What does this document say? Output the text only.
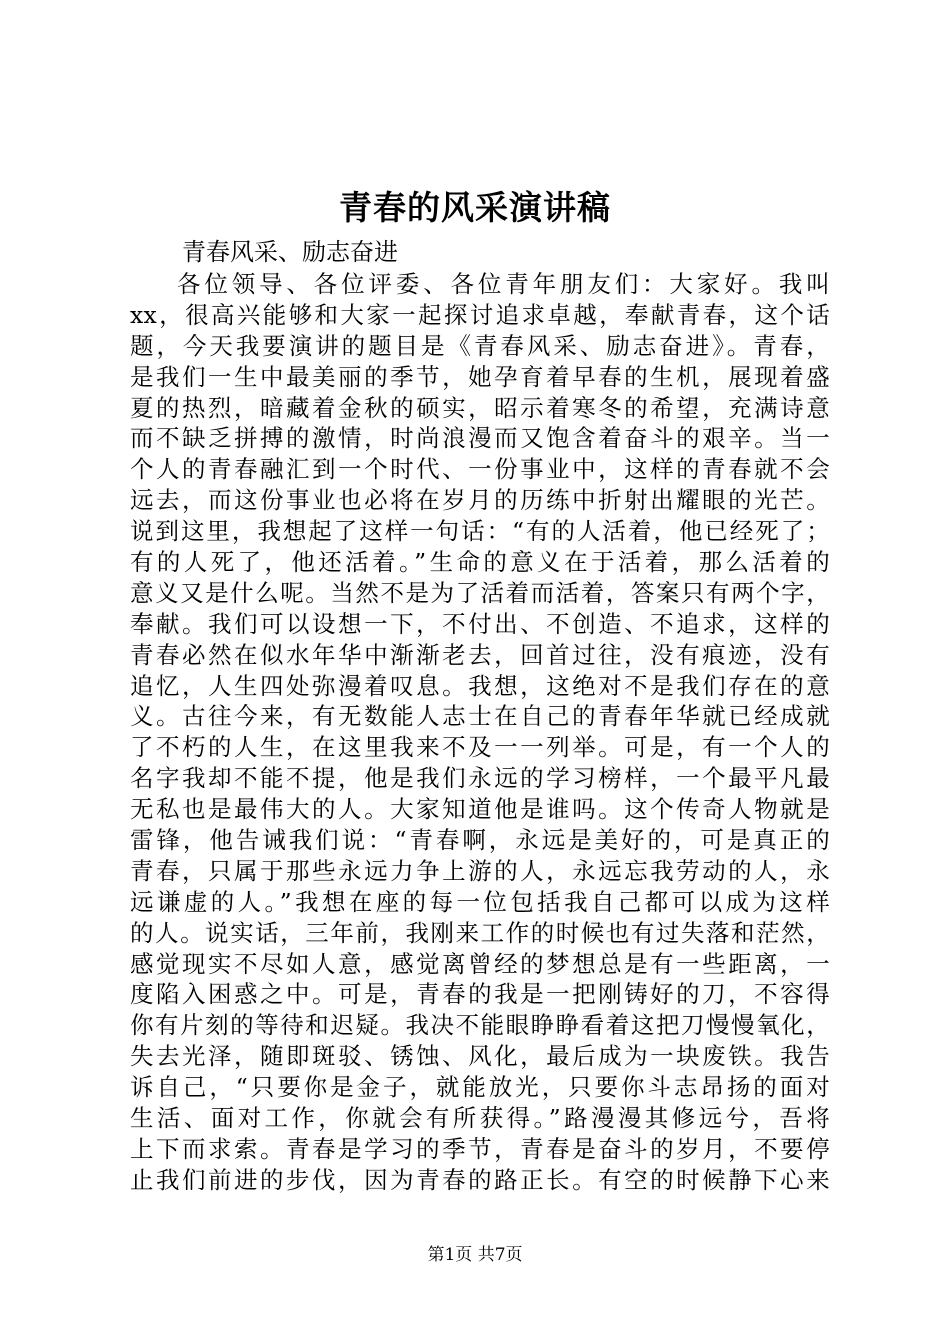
青春的风采演讲稿
青春风采、励志奋进
各位领导、各位评委、各位青年朋友们：大家好。我叫
xx，很高兴能够和大家一起探讨追求卓越，奉献青春，这个话
题，今天我要演讲的题目是《青春风采、励志奋进》。青春，
是我们一生中最美丽的季节，她孕育着早春的生机，展现着盛
夏的热烈，暗藏着金秋的硕实，昭示着寒冬的希望，充满诗意
而不缺乏拼搏的激情，时尚浪漫而又饱含着奋斗的艰辛。当一
个人的青春融汇到一个时代、一份事业中，这样的青春就不会
远去，而这份事业也必将在岁月的历练中折射出耀眼的光芒。
说到这里，我想起了这样一句话：“有的人活着，他已经死了；
有的人死了，他还活着。”生命的意义在于活着，那么活着的
意义又是什么呢。当然不是为了活着而活着，答案只有两个字，
奉献。我们可以设想一下，不付出、不创造、不追求，这样的
青春必然在似水年华中渐渐老去，回首过往，没有痕迹，没有
追忆，人生四处弥漫着叹息。我想，这绝对不是我们存在的意
义。古往今来，有无数能人志士在自己的青春年华就已经成就
了不朽的人生，在这里我来不及一一列举。可是，有一个人的
名字我却不能不提，他是我们永远的学习榜样，一个最平凡最
无私也是最伟大的人。大家知道他是谁吗。这个传奇人物就是
雷锋，他告诫我们说：“青春啊，永远是美好的，可是真正的
青春，只属于那些永远力争上游的人，永远忘我劳动的人，永
远谦虚的人。”我想在座的每一位包括我自己都可以成为这样
的人。说实话，三年前，我刚来工作的时候也有过失落和茫然，
感觉现实不尽如人意，感觉离曾经的梦想总是有一些距离，一
度陷入困惑之中。可是，青春的我是一把刚铸好的刀，不容得
你有片刻的等待和迟疑。我决不能眼睁睁看着这把刀慢慢氧化，
失去光泽，随即斑驳、锈蚀、风化，最后成为一块废铁。我告
诉自己，“只要你是金子，就能放光，只要你斗志昂扬的面对
生活、面对工作，你就会有所获得。”路漫漫其修远兮，吾将
上下而求索。青春是学习的季节，青春是奋斗的岁月，不要停
止我们前进的步伐，因为青春的路正长。有空的时候静下心来
第1页 共7页
